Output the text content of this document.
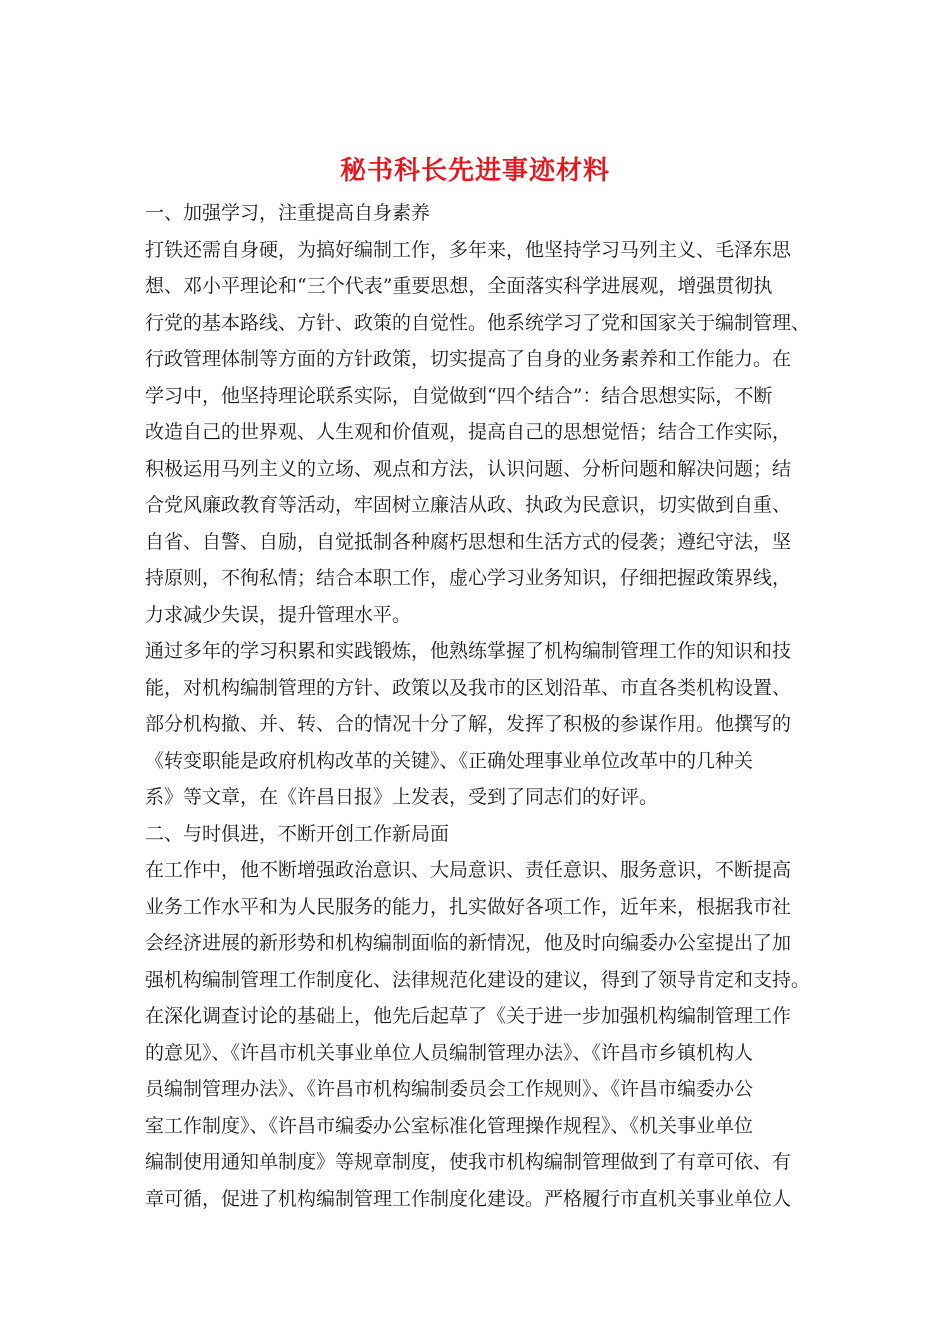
秘书科长先进事迹材料
一、加强学习，注重提高自身素养
打铁还需自身硬，为搞好编制工作，多年来，他坚持学习马列主义、毛泽东思
想、邓小平理论和“三个代表”重要思想，全面落实科学进展观，增强贯彻执
行党的基本路线、方针、政策的自觉性。他系统学习了党和国家关于编制管理、
行政管理体制等方面的方针政策，切实提高了自身的业务素养和工作能力。在
学习中，他坚持理论联系实际，自觉做到“四个结合”：结合思想实际，不断
改造自己的世界观、人生观和价值观，提高自己的思想觉悟；结合工作实际，
积极运用马列主义的立场、观点和方法，认识问题、分析问题和解决问题；结
合党风廉政教育等活动，牢固树立廉洁从政、执政为民意识，切实做到自重、
自省、自警、自励，自觉抵制各种腐朽思想和生活方式的侵袭；遵纪守法，坚
持原则，不徇私情；结合本职工作，虚心学习业务知识，仔细把握政策界线，
力求减少失误，提升管理水平。
通过多年的学习积累和实践锻炼，他熟练掌握了机构编制管理工作的知识和技
能，对机构编制管理的方针、政策以及我市的区划沿革、市直各类机构设置、
部分机构撤、并、转、合的情况十分了解，发挥了积极的参谋作用。他撰写的
《转变职能是政府机构改革的关键》、《正确处理事业单位改革中的几种关
系》等文章，在《许昌日报》上发表，受到了同志们的好评。
二、与时俱进，不断开创工作新局面
在工作中，他不断增强政治意识、大局意识、责任意识、服务意识，不断提高
业务工作水平和为人民服务的能力，扎实做好各项工作，近年来，根据我市社
会经济进展的新形势和机构编制面临的新情况，他及时向编委办公室提出了加
强机构编制管理工作制度化、法律规范化建设的建议，得到了领导肯定和支持。
在深化调查讨论的基础上，他先后起草了《关于进一步加强机构编制管理工作
的意见》、《许昌市机关事业单位人员编制管理办法》、《许昌市乡镇机构人
员编制管理办法》、《许昌市机构编制委员会工作规则》、《许昌市编委办公
室工作制度》、《许昌市编委办公室标准化管理操作规程》、《机关事业单位
编制使用通知单制度》等规章制度，使我市机构编制管理做到了有章可依、有
章可循，促进了机构编制管理工作制度化建设。严格履行市直机关事业单位人
